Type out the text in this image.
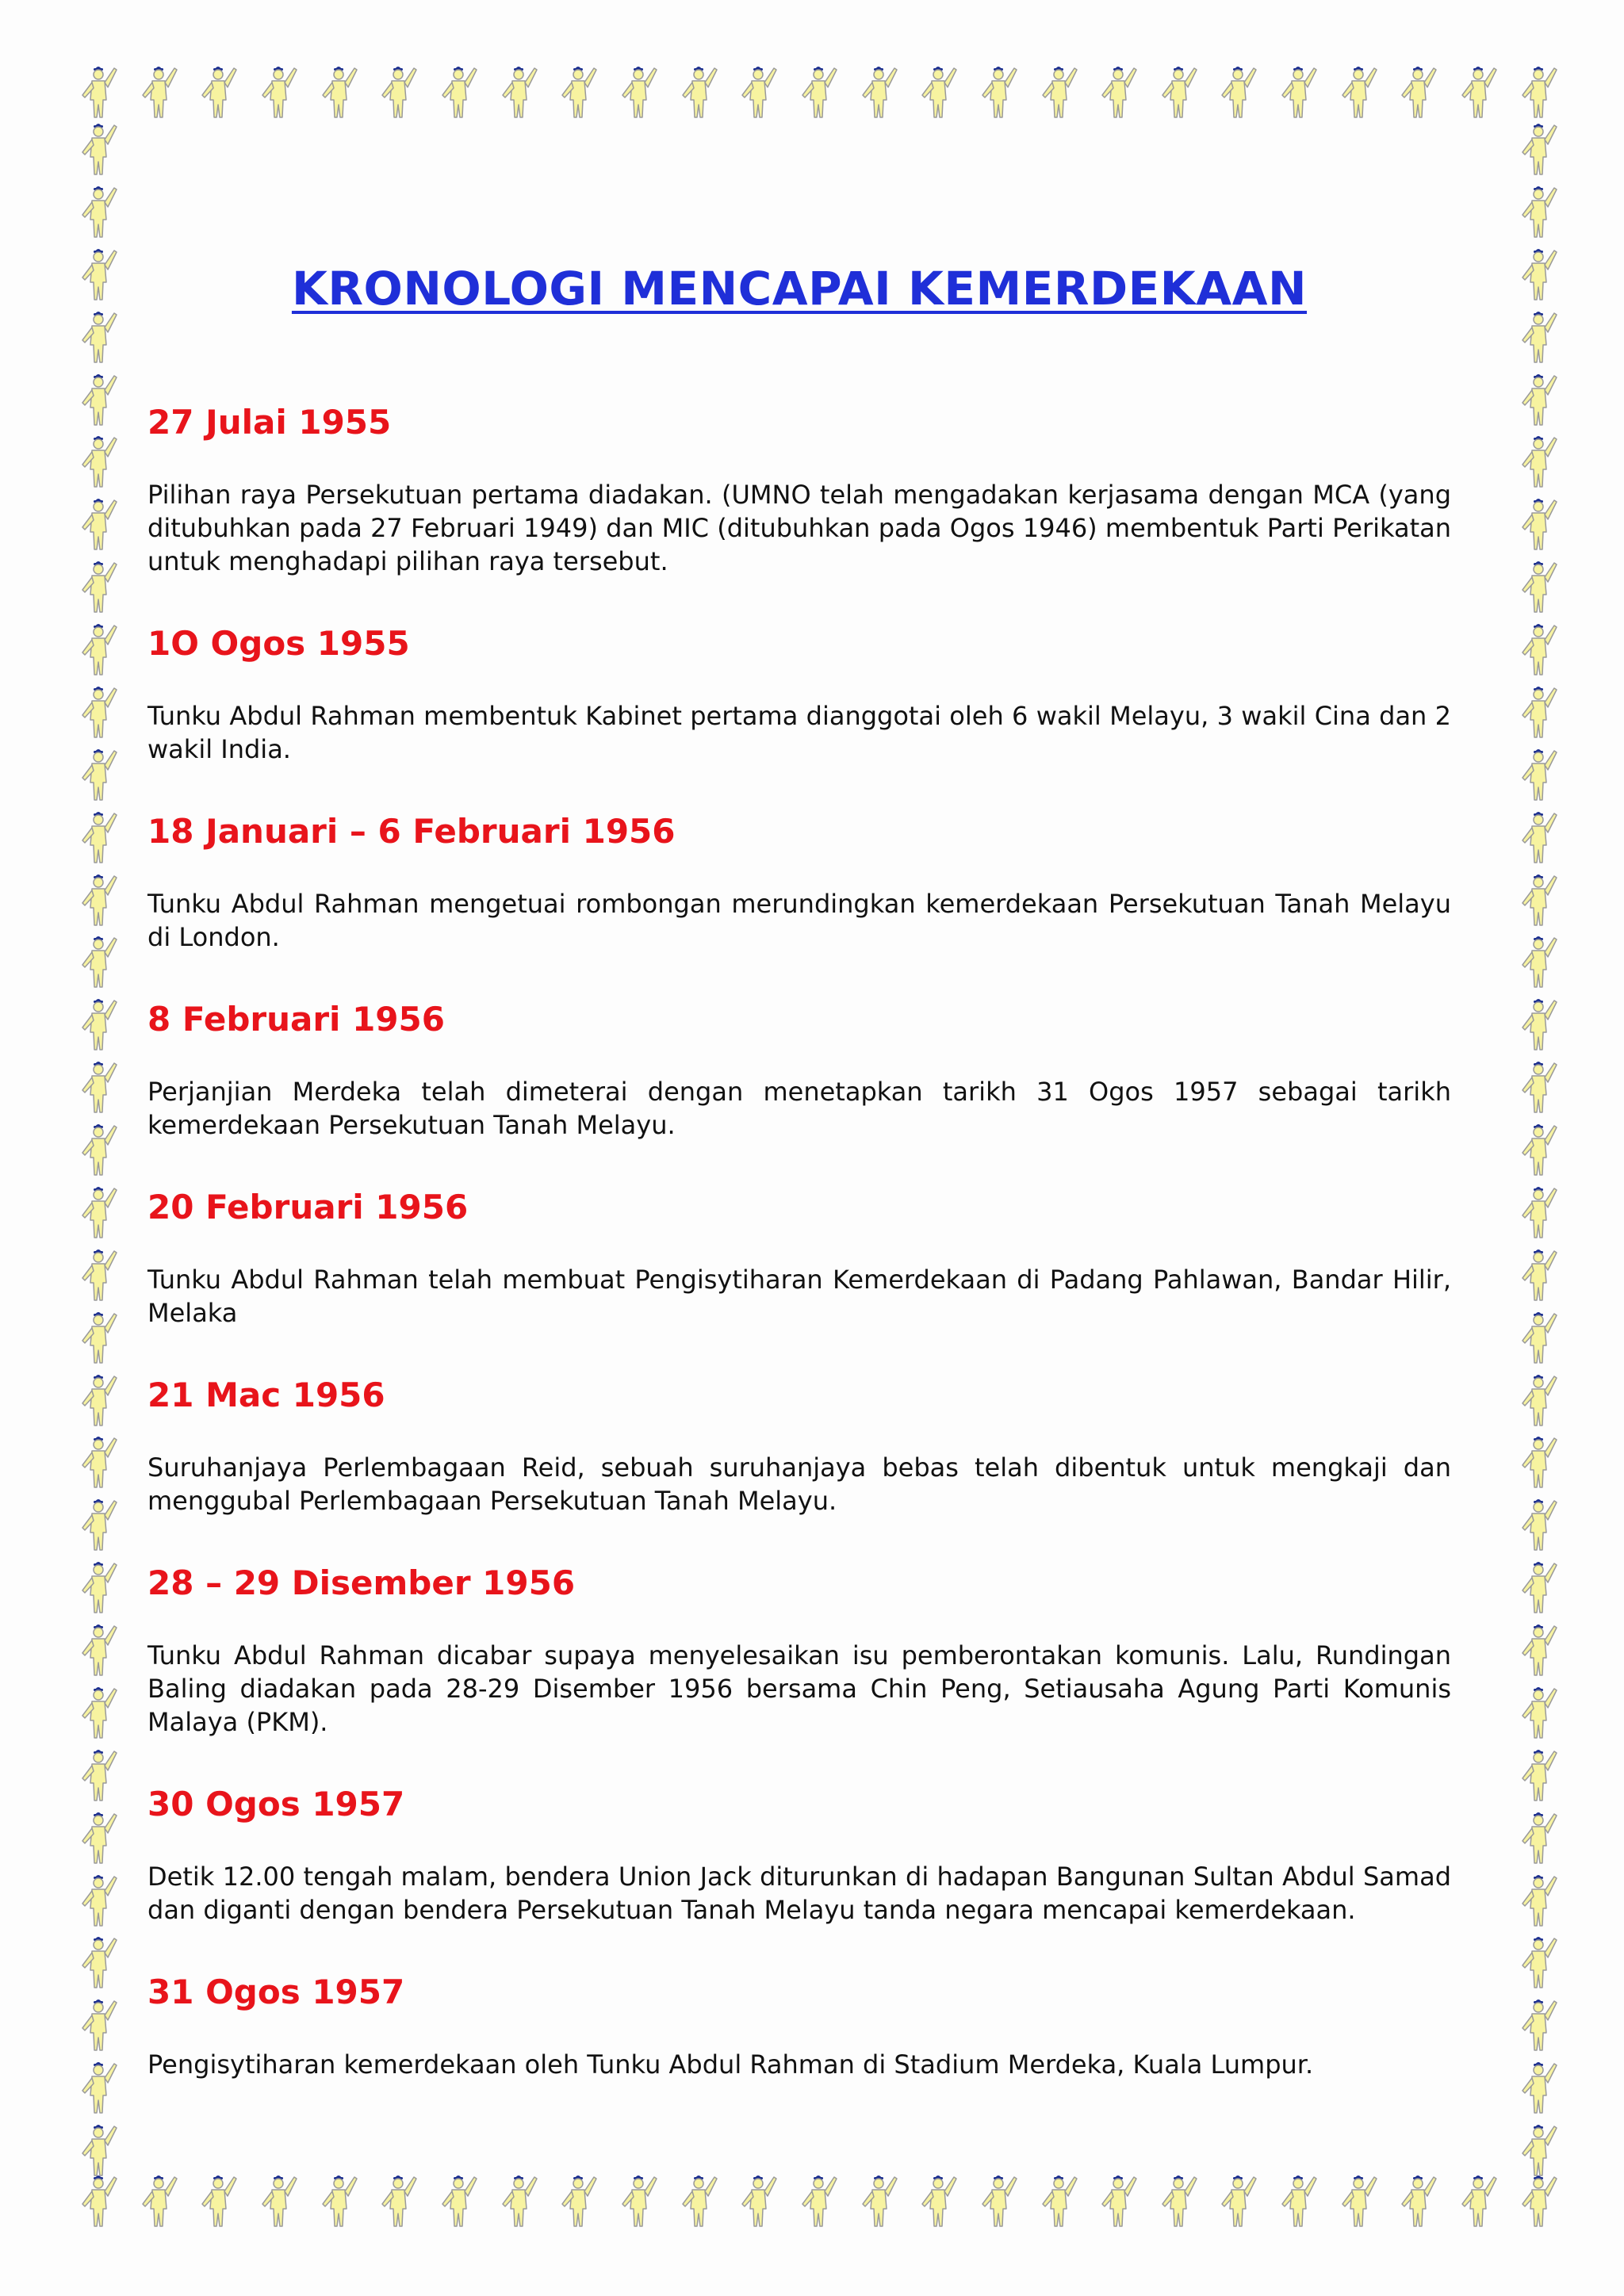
KRONOLOGI MENCAPAI KEMERDEKAAN
27 Julai 1955

Pilihan raya Persekutuan pertama diadakan. (UMNO telah mengadakan kerjasama dengan MCA (yang ditubuhkan pada 27 Februari 1949) dan MIC (ditubuhkan pada Ogos 1946) membentuk Parti Perikatan untuk menghadapi pilihan raya tersebut.

1O Ogos 1955

Tunku Abdul Rahman membentuk Kabinet pertama dianggotai oleh 6 wakil Melayu, 3 wakil Cina dan 2 wakil India.

18 Januari – 6 Februari 1956

Tunku Abdul Rahman mengetuai rombongan merundingkan kemerdekaan Persekutuan Tanah Melayu di London.

8 Februari 1956

Perjanjian Merdeka telah dimeterai dengan menetapkan tarikh 31 Ogos 1957 sebagai tarikh kemerdekaan Persekutuan Tanah Melayu.

20 Februari 1956

Tunku Abdul Rahman telah membuat Pengisytiharan Kemerdekaan di Padang Pahlawan, Bandar Hilir, Melaka

21 Mac 1956

Suruhanjaya Perlembagaan Reid, sebuah suruhanjaya bebas telah dibentuk untuk mengkaji dan menggubal Perlembagaan Persekutuan Tanah Melayu.

28 – 29 Disember 1956

Tunku Abdul Rahman dicabar supaya menyelesaikan isu pemberontakan komunis. Lalu, Rundingan Baling diadakan pada 28-29 Disember 1956 bersama Chin Peng, Setiausaha Agung Parti Komunis Malaya (PKM).

30 Ogos 1957

Detik 12.00 tengah malam, bendera Union Jack diturunkan di hadapan Bangunan Sultan Abdul Samad dan diganti dengan bendera Persekutuan Tanah Melayu tanda negara mencapai kemerdekaan.

31 Ogos 1957

Pengisytiharan kemerdekaan oleh Tunku Abdul Rahman di Stadium Merdeka, Kuala Lumpur.
